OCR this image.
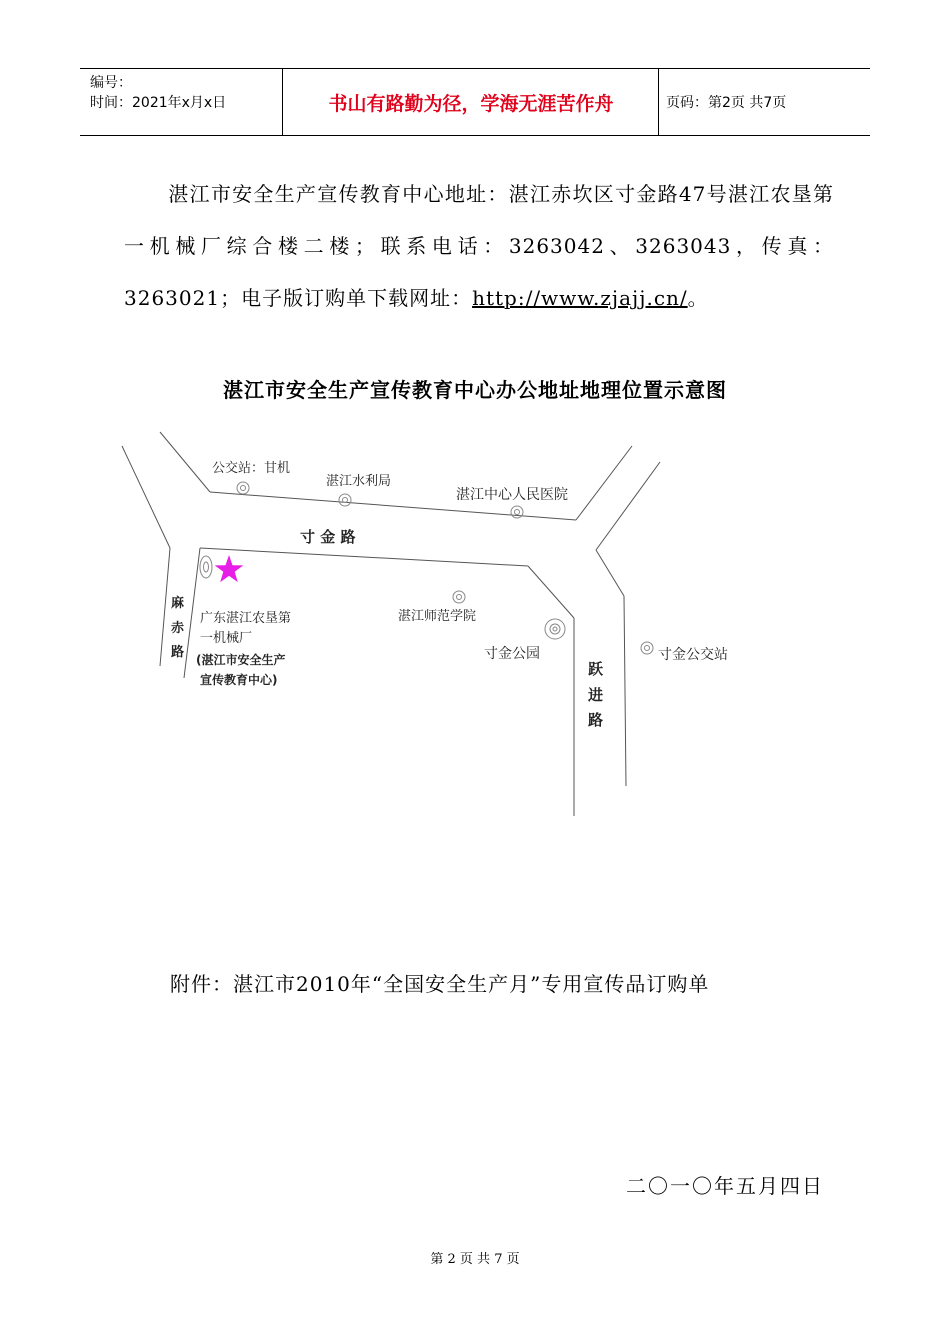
编号：
时间：2021年x月x日	书山有路勤为径，学海无涯苦作舟	页码：第2页 共7页
湛江市安全生产宣传教育中心地址：湛江赤坎区寸金路47号湛江农垦第一机械厂综合楼二楼；联系电话：3263042、3263043，传真：3263021；电子版订购单下载网址：http://www.zjajj.cn/。
湛江市安全生产宣传教育中心办公地址地理位置示意图
公交站：甘机
湛江水利局
湛江中心人民医院
寸 金 路
广东湛江农垦第
一机械厂
(湛江市安全生产
宣传教育中心)
湛江师范学院
寸金公园	寸金公交站
麻
赤
路
跃
进
路
附件：湛江市2010年“全国安全生产月”专用宣传品订购单
二〇一〇年五月四日
第 2 页 共 7 页
